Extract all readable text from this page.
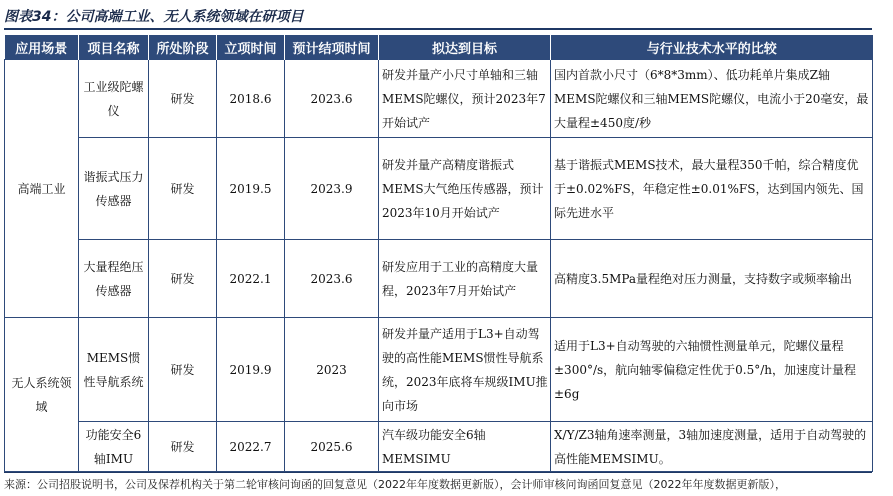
图表34：公司高端工业、无人系统领域在研项目
应用场景	项目名称	所处阶段	立项时间	预计结项时间	拟达到目标	与行业技术水平的比较
高端工业	工业级陀螺仪	研发	2018.6	2023.6	研发并量产小尺寸单轴和三轴MEMS陀螺仪，预计2023年7开始试产	国内首款小尺寸（6*8*3mm）、低功耗单片集成Z轴MEMS陀螺仪和三轴MEMS陀螺仪，电流小于20毫安，最大量程±450度/秒
	谐振式压力传感器	研发	2019.5	2023.9	研发并量产高精度谐振式MEMS大气绝压传感器，预计2023年10月开始试产	基于谐振式MEMS技术，最大量程350千帕，综合精度优于±0.02%FS，年稳定性±0.01%FS，达到国内领先、国际先进水平
	大量程绝压传感器	研发	2022.1	2023.6	研发应用于工业的高精度大量程，2023年7月开始试产	高精度3.5MPa量程绝对压力测量，支持数字或频率输出
无人系统领域	MEMS惯性导航系统	研发	2019.9	2023	研发并量产适用于L3+自动驾驶的高性能MEMS惯性导航系统，2023年底将车规级IMU推向市场	适用于L3+自动驾驶的六轴惯性测量单元，陀螺仪量程±300°/s，航向轴零偏稳定性优于0.5°/h，加速度计量程±6g
	功能安全6轴IMU	研发	2022.7	2025.6	汽车级功能安全6轴MEMSIMU	X/Y/Z3轴角速率测量，3轴加速度测量，适用于自动驾驶的高性能MEMSIMU。
来源：公司招股说明书，公司及保荐机构关于第二轮审核问询函的回复意见（2022年年度数据更新版），会计师审核问询函回复意见（2022年年度数据更新版），
